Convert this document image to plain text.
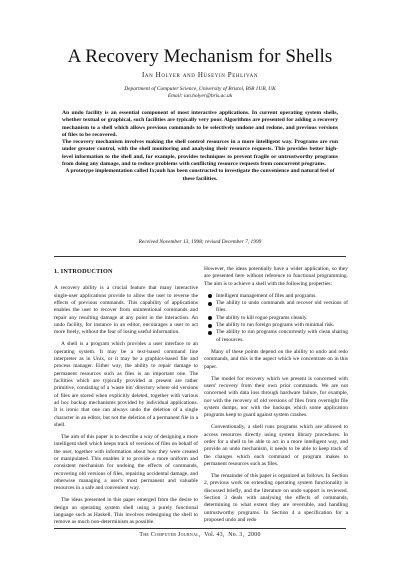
A Recovery Mechanism for Shells
Ian Holyer and Hüseyin Pehlivan
Department of Computer Science, University of Bristol, BS8 1UB, UK
Email: ian.holyer@bris.ac.uk

An undo facility is an essential component of most interactive applications. In current operating system shells, whether textual or graphical, such facilities are typically very poor. Algorithms are presented for adding a recovery mechanism to a shell which allows previous commands to be selectively undone and redone, and previous versions of files to be recovered.

The recovery mechanism involves making the shell control resources in a more intelligent way. Programs are run under greater control, with the shell monitoring and analysing their resource requests. This provides better high-level information to the shell and, for example, provides techniques to prevent fragile or untrustworthy programs from doing any damage, and to reduce problems with conflicting resource requests from concurrent programs.

A prototype implementation called Ix;uuh has been constructed to investigate the convenience and natural feel of these facilities.

Received November 13, 1998; revised December 7, 1999
1. INTRODUCTION

A recovery ability is a crucial feature that many interactive single-user applications provide to allow the user to reverse the effects of previous commands. This capability of applications enables the user to recover from unintentional commands and repair any resulting damage at any point in the interaction. An undo facility, for instance in an editor, encourages a user to act more freely, without the fear of losing useful information.

A shell is a program which provides a user interface to an operating system. It may be a text-based command line interpreter as in Unix, or it may be a graphics-based file and process manager. Either way, the ability to repair damage to permanent resources such as files is an important one. The facilities which are typically provided at present are rather primitive, consisting of a 'waste bin' directory where old versions of files are stored when explicitly deleted, together with various ad hoc backup mechanisms provided by individual applications. It is ironic that one can always undo the deletion of a single character in an editor, but not the deletion of a permanent file in a shell.

The aim of this paper is to describe a way of designing a more intelligent shell which keeps track of versions of files on behalf of the user, together with information about how they were created or manipulated. This enables it to provide a more uniform and consistent mechanism for undoing the effects of commands, recovering old versions of files, repairing accidental damage, and otherwise managing a user's most permanent and valuable resources in a safe and convenient way.

The ideas presented in this paper emerged from the desire to design an operating system shell using a purely functional language such as Haskell. This involves redesigning the shell to remove as much non-determinism as possible.

However, the ideas potentially have a wider application, so they are presented here without reference to functional programming. The aim is to achieve a shell with the following properties:

Intelligent management of files and programs.
The ability to undo commands and recover old versions of files.
The ability to kill rogue programs cleanly.
The ability to run foreign programs with minimal risk.
The ability to run programs concurrently with clean sharing of resources.

Many of these points depend on the ability to undo and redo commands, and this is the aspect which we concentrate on in this paper.

The model for recovery which we present is concerned with users' recovery from their own prior commands. We are not concerned with data loss through hardware failure, for example, nor with the recovery of old versions of files from overnight file system dumps, nor with the backups which some application programs keep to guard against system crashes.

Conventionally, a shell runs programs which are allowed to access resources directly using system library procedures. In order for a shell to be able to act in a more intelligent way, and provide an undo mechanism, it needs to be able to keep track of the changes which each command or program makes to permanent resources such as files.

The remainder of this paper is organized as follows. In Section 2, previous work on extending operating system functionality is discussed briefly, and the literature on undo support is reviewed. Section 3 deals with analysing the effects of commands, determining to what extent they are reversible, and handling untrustworthy programs. In Section 4 a specification for a proposed undo and redo

The Computer Journal, Vol. 43, No. 3, 2000
